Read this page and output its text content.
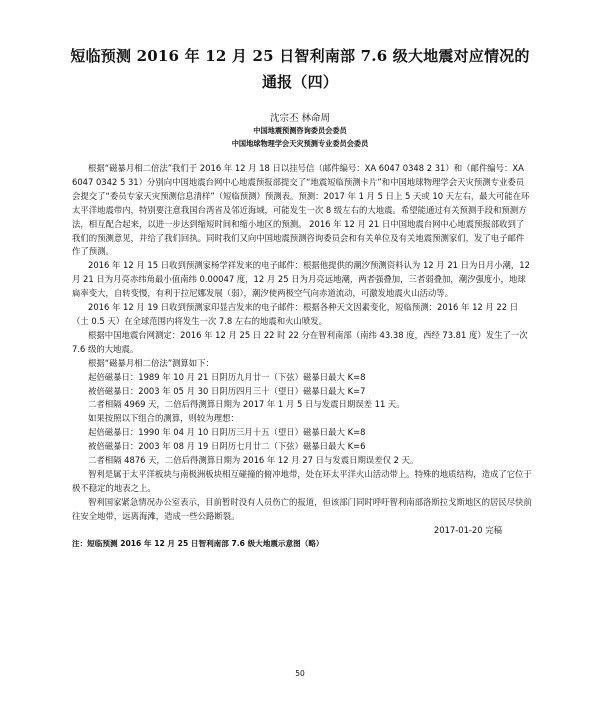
短临预测 2016 年 12 月 25 日智利南部 7.6 级大地震对应情况的
通报（四）
沈宗丕 林命周
中国地震预测咨询委员会委员
中国地球物理学会天灾预测专业委员会委员

根据“磁暴月相二倍法”我们于 2016 年 12 月 18 日以挂号信（邮件编号：XA 6047 0348 2 31）和（邮件编号：XA 6047 0342 5 31）分别向中国地震台网中心地震预报部提交了“地震短临预测卡片”和中国地球物理学会天灾预测专业委员会提交了“委员专家天灾预测信息清样”（短临预测）预测表。预测：2017 年 1 月 5 日上 5 天或 10 天左右，最大可能在环太平洋地震带内，特别要注意我国台湾省及邻近海域，可能发生一次 8 级左右的大地震。希望能通过有关预测手段和预测方法，相互配合起来，以进一步达到缩短时间和缩小地区的预测。 2016 年 12 月 21 日中国地震台网中心地震预报部收到了我们的预测意见，并给了我们回执。同时我们又向中国地震预测咨询委员会和有关单位及有关地震预测家们，发了电子邮件作了预测。

2016 年 12 月 15 日收到预测家杨学祥发来的电子邮件：根据他提供的潮汐预测资料认为 12 月 21 日为日月小潮，12 月 21 日为月亮赤纬角最小值南纬 0.00047 度，12 月 25 日为月亮远地潮，两者强叠加，三者弱叠加，潮汐强度小，地球扁率变大，自转变慢，有利于拉尼娜发展（弱），潮汐使两极空气向赤道流动，可激发地震火山活动等。

2016 年 12 月 19 日收到预测家印显吉发来的电子邮件：根据各种天文因素变化，短临预测：2016 年 12 月 22 日（土 0.5 天）在全球范围内将发生一次 7.8 左右的地震和火山喷发。

根据中国地震台网测定：2016 年 12 月 25 日 22 时 22 分在智利南部（南纬 43.38 度，西经 73.81 度）发生了一次 7.6 级的大地震。

根据“磁暴月相二倍法”测算如下：

起倍磁暴日：1989 年 10 月 21 日阴历九月廿一（下弦）磁暴日最大 K=8

被倍磁暴日：2003 年 05 月 30 日阴历四月三十（望日）磁暴日最大 K=7

二者相隔 4969 天，二倍后得测算日期为 2017 年 1 月 5 日与发震日期误差 11 天。

如果按照以下组合的测算，则较为理想：

起倍磁暴日：1990 年 04 月 10 日阴历三月十五（望日）磁暴日最大 K=8

被倍磁暴日：2003 年 08 月 19 日阴历七月廿二（下弦）磁暴日最大 K=6

二者相隔 4876 天，二倍后得测算日期为 2016 年 12 月 27 日与发震日期误差仅 2 天。

智利是属于太平洋板块与南极洲板块相互碰撞的俯冲地带，处在环太平洋火山活动带上。特殊的地质结构，造成了它位于极不稳定的地表之上。

智利国家紧急情况办公室表示，目前暂时没有人员伤亡的报道，但该部门同时呼吁智利南部洛斯拉戈斯地区的居民尽快前往安全地带，远离海滩，造成一些公路断裂。

2017-01-20 完稿

注：短临预测 2016 年 12 月 25 日智利南部 7.6 级大地震示意图（略）

50
